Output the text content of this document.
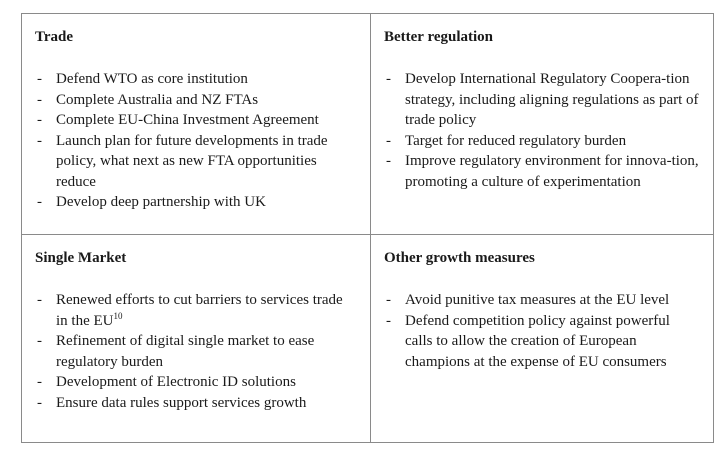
Trade
- Defend WTO as core institution
- Complete Australia and NZ FTAs
- Complete EU-China Investment Agreement
- Launch plan for future developments in trade policy, what next as new FTA opportunities reduce
- Develop deep partnership with UK
Better regulation
- Develop International Regulatory Coopera-tion strategy, including aligning regulations as part of trade policy
- Target for reduced regulatory burden
- Improve regulatory environment for innova-tion, promoting a culture of experimentation
Single Market
- Renewed efforts to cut barriers to services trade in the EU$^{10}$
- Refinement of digital single market to ease regulatory burden
- Development of Electronic ID solutions
- Ensure data rules support services growth
Other growth measures
- Avoid punitive tax measures at the EU level
- Defend competition policy against powerful calls to allow the creation of European champions at the expense of EU consumers
